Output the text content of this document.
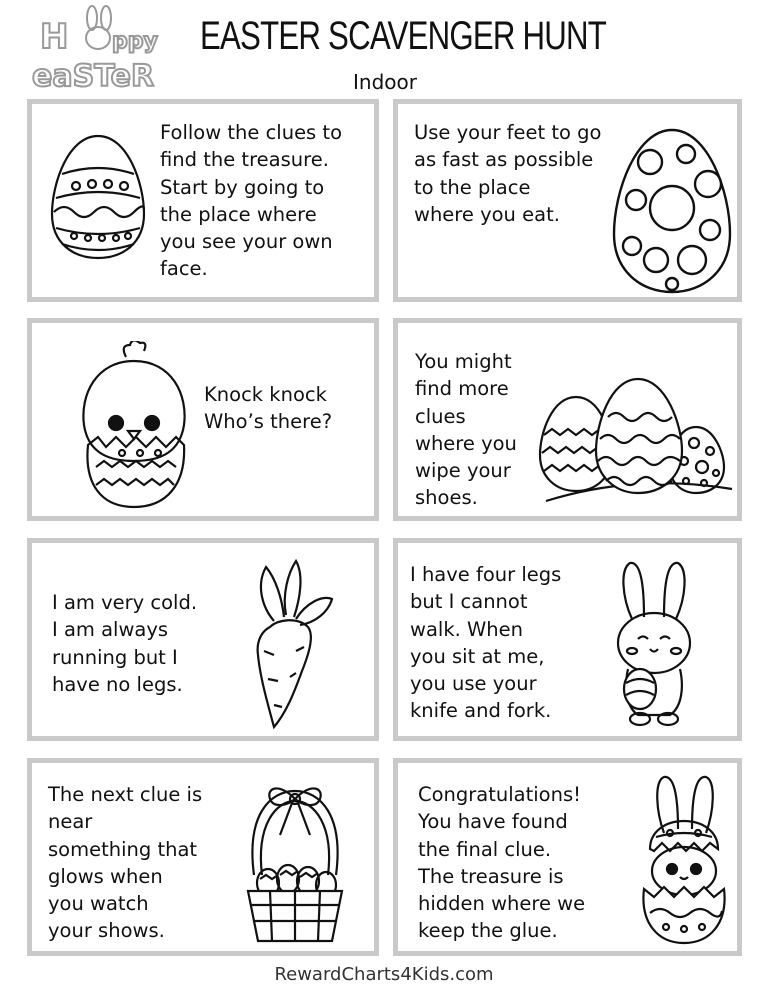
H ppy
eaSTeR
EASTER SCAVENGER HUNT
Indoor
Follow the clues to
find the treasure.
Start by going to
the place where
you see your own
face.
Use your feet to go
as fast as possible
to the place
where you eat.
Knock knock
Who’s there?
You might
find more
clues
where you
wipe your
shoes.
I am very cold.
I am always
running but I
have no legs.
I have four legs
but I cannot
walk. When
you sit at me,
you use your
knife and fork.
The next clue is
near
something that
glows when
you watch
your shows.
Congratulations!
You have found
the final clue.
The treasure is
hidden where we
keep the glue.
RewardCharts4Kids.com
